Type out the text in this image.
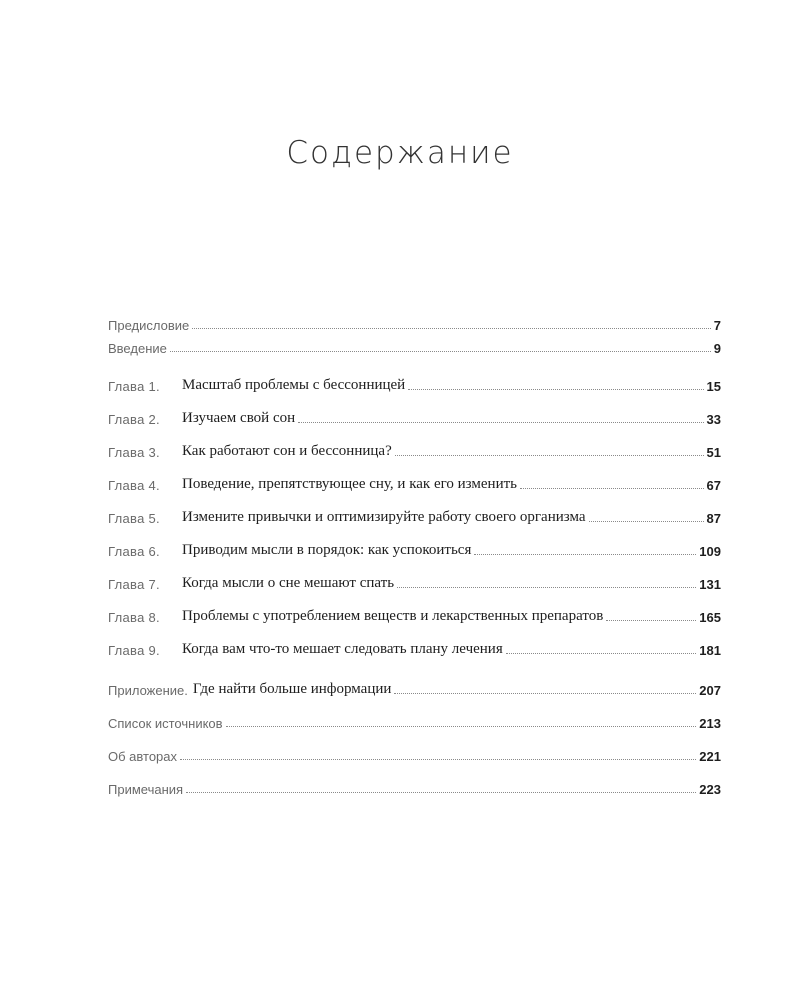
Содержание
Предисловие	7
Введение	9
Глава 1.	Масштаб проблемы с бессонницей	15
Глава 2.	Изучаем свой сон	33
Глава 3.	Как работают сон и бессонница?	51
Глава 4.	Поведение, препятствующее сну, и как его изменить	67
Глава 5.	Измените привычки и оптимизируйте работу своего организма	87
Глава 6.	Приводим мысли в порядок: как успокоиться	109
Глава 7.	Когда мысли о сне мешают спать	131
Глава 8.	Проблемы с употреблением веществ и лекарственных препаратов	165
Глава 9.	Когда вам что-то мешает следовать плану лечения	181
Приложение. Где найти больше информации	207
Список источников	213
Об авторах	221
Примечания	223
